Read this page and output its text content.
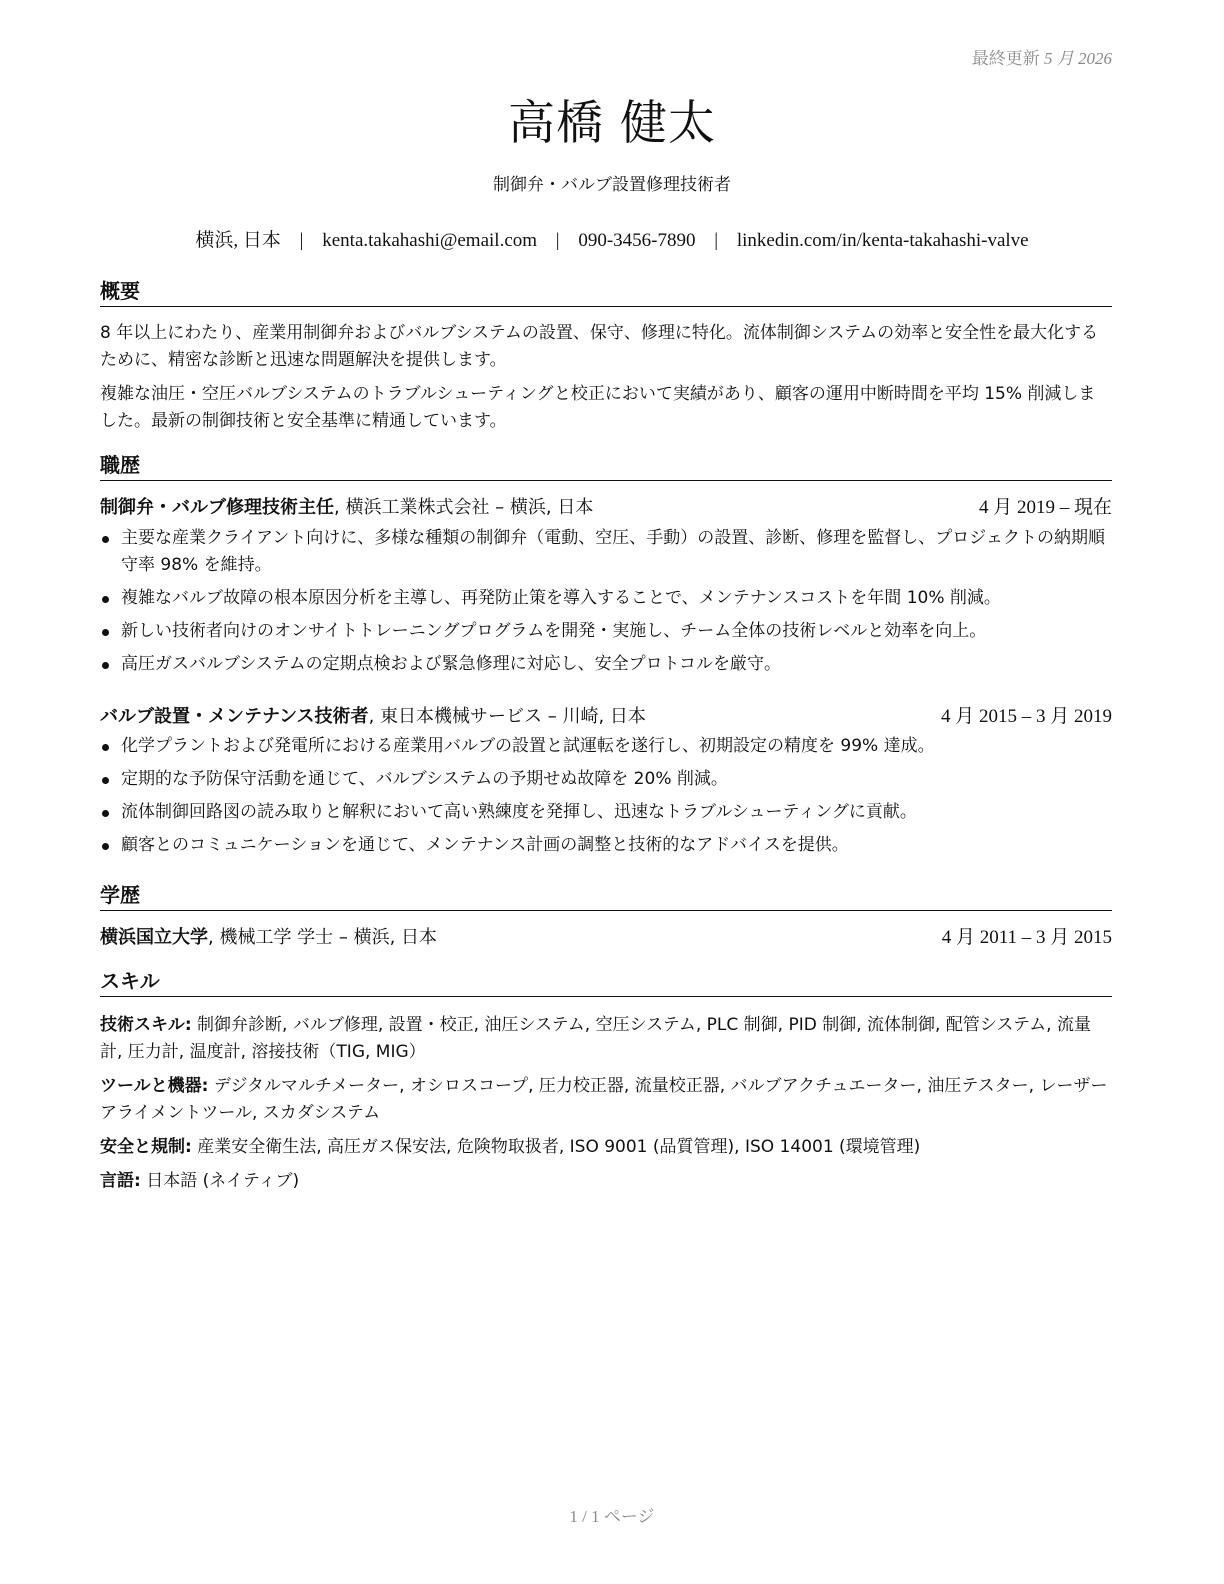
最終更新 5 月 2026
高橋 健太
制御弁・バルブ設置修理技術者
横浜, 日本 | kenta.takahashi@email.com | 090-3456-7890 | linkedin.com/in/kenta-takahashi-valve
概要
8 年以上にわたり、産業用制御弁およびバルブシステムの設置、保守、修理に特化。流体制御システムの効率と安全性を最大化するために、精密な診断と迅速な問題解決を提供します。
複雑な油圧・空圧バルブシステムのトラブルシューティングと校正において実績があり、顧客の運用中断時間を平均 15% 削減しました。最新の制御技術と安全基準に精通しています。
職歴
制御弁・バルブ修理技術主任, 横浜工業株式会社 – 横浜, 日本	4 月 2019 – 現在
主要な産業クライアント向けに、多様な種類の制御弁（電動、空圧、手動）の設置、診断、修理を監督し、プロジェクトの納期順守率 98% を維持。
複雑なバルブ故障の根本原因分析を主導し、再発防止策を導入することで、メンテナンスコストを年間 10% 削減。
新しい技術者向けのオンサイトトレーニングプログラムを開発・実施し、チーム全体の技術レベルと効率を向上。
高圧ガスバルブシステムの定期点検および緊急修理に対応し、安全プロトコルを厳守。
バルブ設置・メンテナンス技術者, 東日本機械サービス – 川崎, 日本	4 月 2015 – 3 月 2019
化学プラントおよび発電所における産業用バルブの設置と試運転を遂行し、初期設定の精度を 99% 達成。
定期的な予防保守活動を通じて、バルブシステムの予期せぬ故障を 20% 削減。
流体制御回路図の読み取りと解釈において高い熟練度を発揮し、迅速なトラブルシューティングに貢献。
顧客とのコミュニケーションを通じて、メンテナンス計画の調整と技術的なアドバイスを提供。
学歴
横浜国立大学, 機械工学 学士 – 横浜, 日本	4 月 2011 – 3 月 2015
スキル
技術スキル: 制御弁診断, バルブ修理, 設置・校正, 油圧システム, 空圧システム, PLC 制御, PID 制御, 流体制御, 配管システム, 流量計, 圧力計, 温度計, 溶接技術（TIG, MIG）
ツールと機器: デジタルマルチメーター, オシロスコープ, 圧力校正器, 流量校正器, バルブアクチュエーター, 油圧テスター, レーザーアライメントツール, スカダシステム
安全と規制: 産業安全衛生法, 高圧ガス保安法, 危険物取扱者, ISO 9001 (品質管理), ISO 14001 (環境管理)
言語: 日本語 (ネイティブ)
1 / 1 ページ
